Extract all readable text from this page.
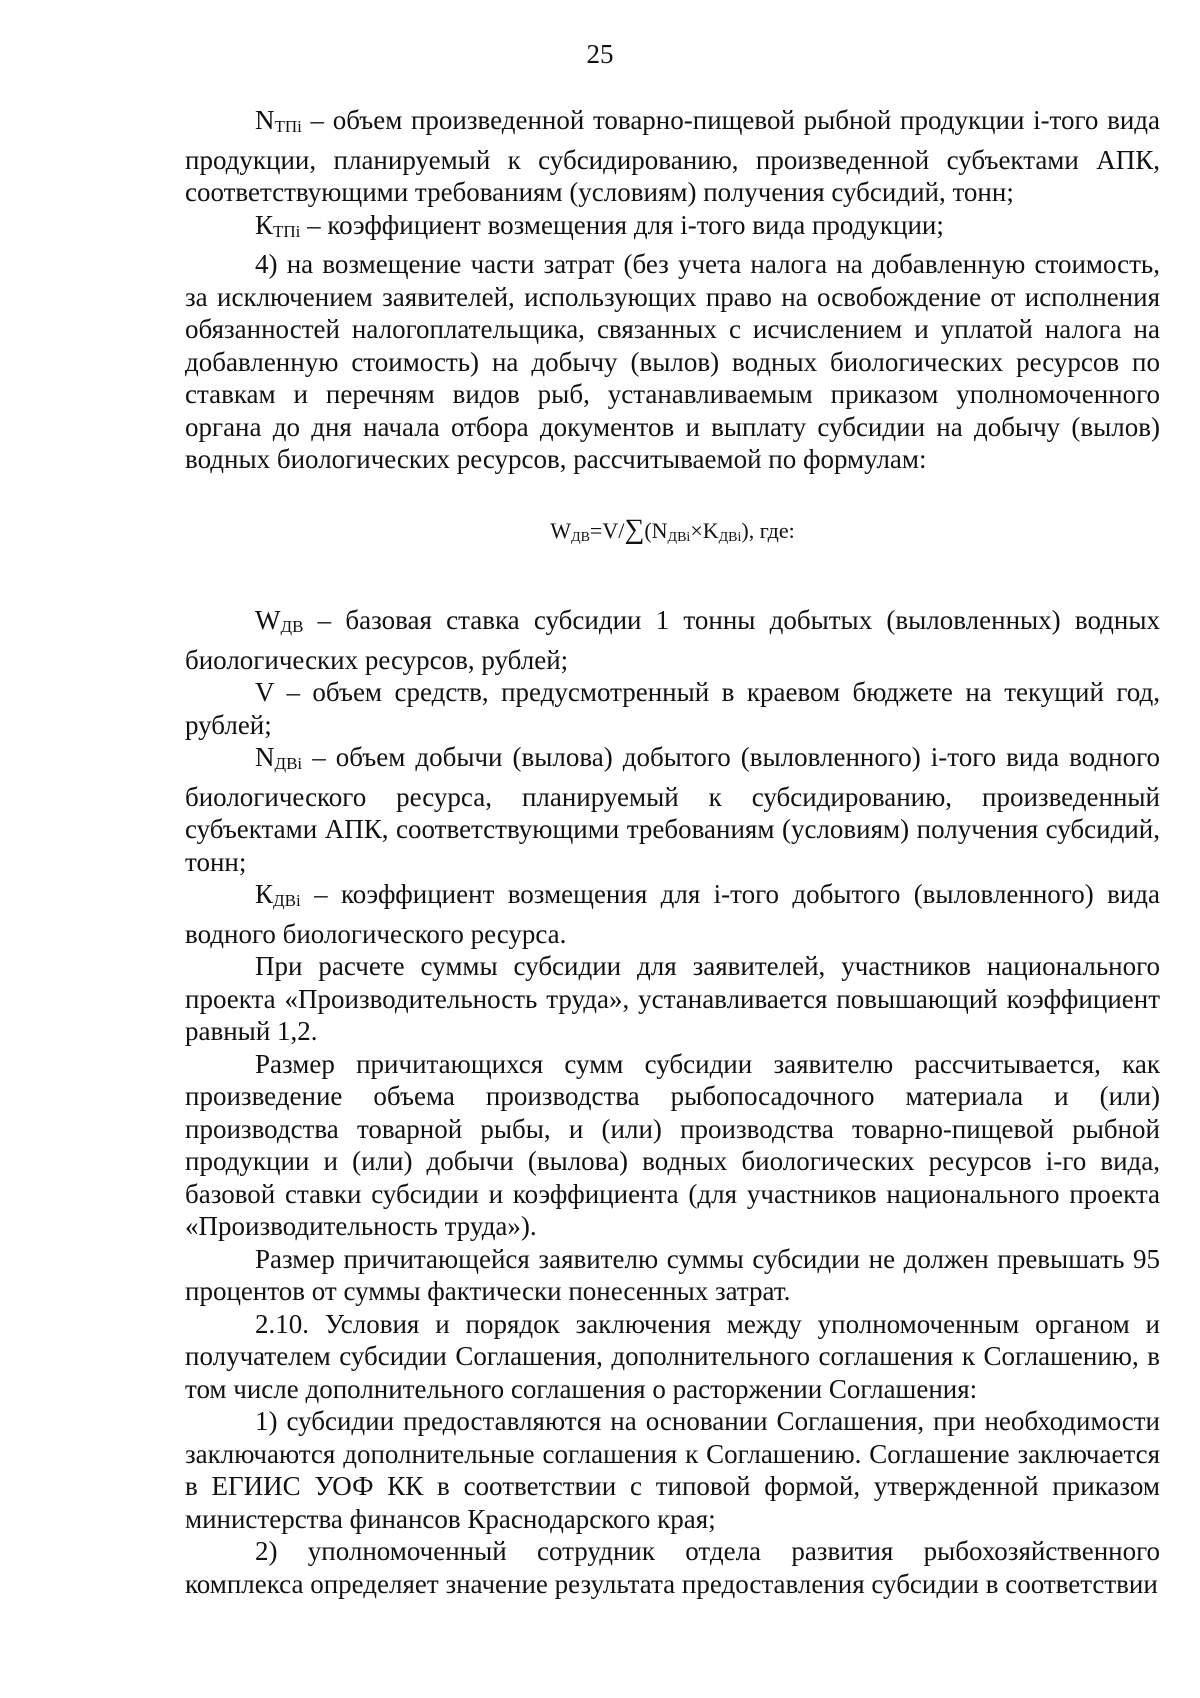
25

NТПi – объем произведенной товарно-пищевой рыбной продукции i-того вида продукции, планируемый к субсидированию, произведенной субъектами АПК, соответствующими требованиям (условиям) получения субсидий, тонн;

КТПi – коэффициент возмещения для i-того вида продукции;

4) на возмещение части затрат (без учета налога на добавленную стоимость, за исключением заявителей, использующих право на освобождение от исполнения обязанностей налогоплательщика, связанных с исчислением и уплатой налога на добавленную стоимость) на добычу (вылов) водных биологических ресурсов по ставкам и перечням видов рыб, устанавливаемым приказом уполномоченного органа до дня начала отбора документов и выплату субсидии на добычу (вылов) водных биологических ресурсов, рассчитываемой по формулам:

$W_{ДВ}=V/\sum(N_{ДВi}\times K_{ДВi})$, где:

WДВ – базовая ставка субсидии 1 тонны добытых (выловленных) водных биологических ресурсов, рублей;

V – объем средств, предусмотренный в краевом бюджете на текущий год, рублей;

NДВi – объем добычи (вылова) добытого (выловленного) i-того вида водного биологического ресурса, планируемый к субсидированию, произведенный субъектами АПК, соответствующими требованиям (условиям) получения субсидий, тонн;

КДВi – коэффициент возмещения для i-того добытого (выловленного) вида водного биологического ресурса.

При расчете суммы субсидии для заявителей, участников национального проекта «Производительность труда», устанавливается повышающий коэффициент равный 1,2.

Размер причитающихся сумм субсидии заявителю рассчитывается, как произведение объема производства рыбопосадочного материала и (или) производства товарной рыбы, и (или) производства товарно-пищевой рыбной продукции и (или) добычи (вылова) водных биологических ресурсов i-го вида, базовой ставки субсидии и коэффициента (для участников национального проекта «Производительность труда»).

Размер причитающейся заявителю суммы субсидии не должен превышать 95 процентов от суммы фактически понесенных затрат.

2.10. Условия и порядок заключения между уполномоченным органом и получателем субсидии Соглашения, дополнительного соглашения к Соглашению, в том числе дополнительного соглашения о расторжении Соглашения:

1) субсидии предоставляются на основании Соглашения, при необходимости заключаются дополнительные соглашения к Соглашению. Соглашение заключается в ЕГИИС УОФ КК в соответствии с типовой формой, утвержденной приказом министерства финансов Краснодарского края;

2) уполномоченный сотрудник отдела развития рыбохозяйственного комплекса определяет значение результата предоставления субсидии в соответствии
